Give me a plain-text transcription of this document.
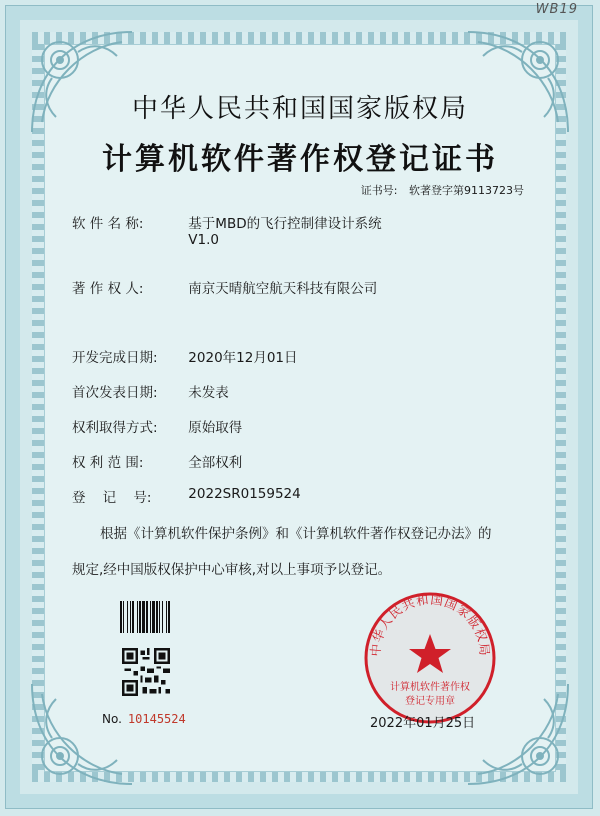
WB19
中华人民共和国国家版权局
计算机软件著作权登记证书
证书号: 软著登字第9113723号
软 件 名 称:	基于MBD的飞行控制律设计系统
V1.0
著 作 权 人:	南京天晴航空航天科技有限公司
开发完成日期: 2020年12月01日
首次发表日期: 未发表
权利取得方式: 原始取得
权 利 范 围:	全部权利
登    记    号:	2022SR0159524
根据《计算机软件保护条例》和《计算机软件著作权登记办法》的
规定,经中国版权保护中心审核,对以上事项予以登记。
No. 10145524
中华人民共和国国家版权局
计算机软件著作权
登记专用章
2022年01月25日
